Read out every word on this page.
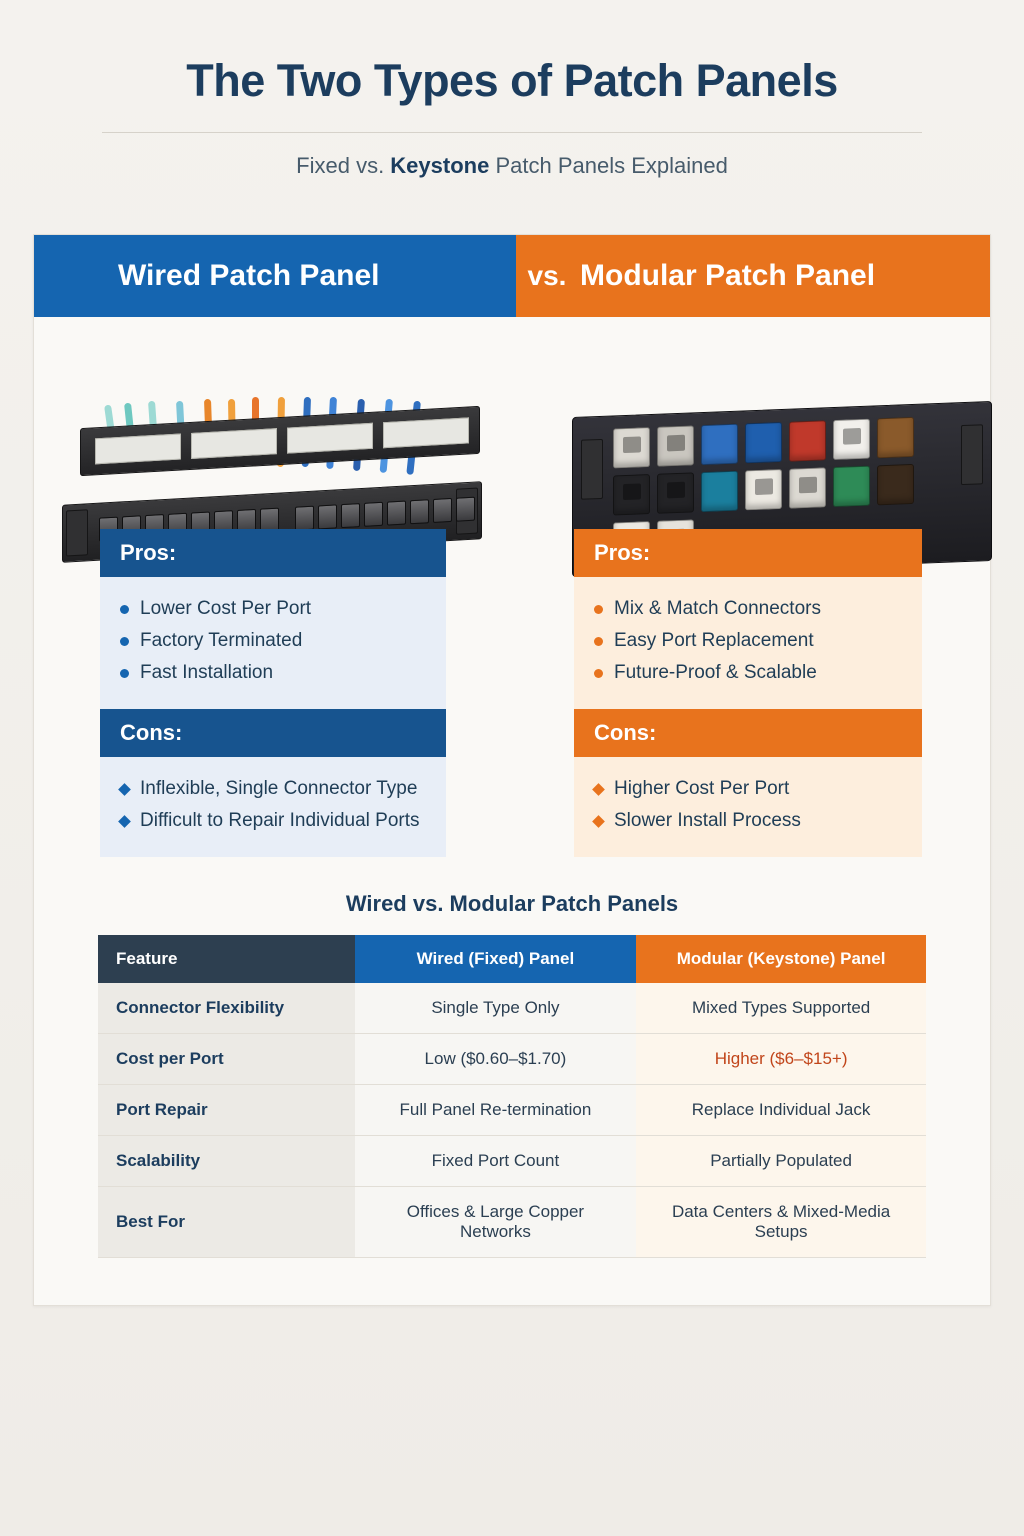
The Two Types of Patch Panels
Fixed vs. Keystone Patch Panels Explained
Wired Patch Panel	vs. Modular Patch Panel
Pros:
Lower Cost Per Port
Factory Terminated
Fast Installation
Cons:
Inflexible, Single Connector Type
Difficult to Repair Individual Ports
Pros:
Mix & Match Connectors
Easy Port Replacement
Future-Proof & Scalable
Cons:
Higher Cost Per Port
Slower Install Process
Wired vs. Modular Patch Panels
Feature	Wired (Fixed) Panel	Modular (Keystone) Panel
Connector Flexibility	Single Type Only	Mixed Types Supported
Cost per Port	Low ($0.60–$1.70)	Higher ($6–$15+)
Port Repair	Full Panel Re-termination	Replace Individual Jack
Scalability	Fixed Port Count	Partially Populated
Best For	Offices & Large Copper Networks	Data Centers & Mixed-Media Setups
